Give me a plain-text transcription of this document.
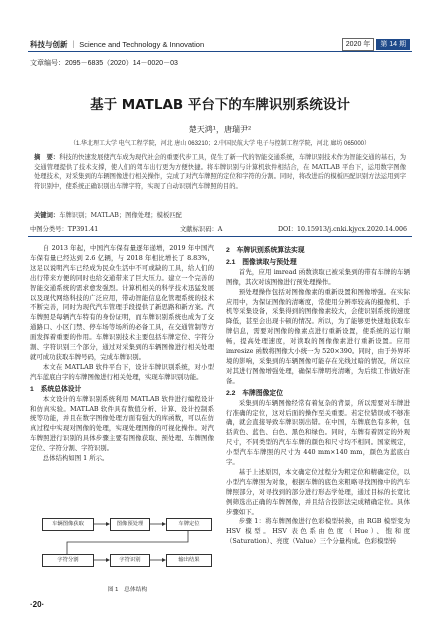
科技与创新 ｜ Science and Technology & Innovation	2020 年	第 14 期
文章编号：2095－6835（2020）14－0020－03
基于 MATLAB 平台下的车牌识别系统设计
楚天鸿¹，唐瑞尹²
（1.华北理工大学 电气工程学院，河北 唐山 063210；2.中国民航大学 电子与控制工程学院，河北 廊坊 065000）
摘　要：科技的快速发展使汽车成为现代社会的重要代步工具，促生了新一代的智能交通系统，车牌识别技术作为智能交通的基石，为交通管理提供了技术支撑，使人们的驾车出行更为方便快捷。将车牌识别与计算机软件相结合，在 MATLAB 平台下，运用数字图像处理技术，对采集到的车辆图像进行相关操作，完成了对汽车牌照的定位和字符的分割。同时，将改进后的模板匹配识别方法运用到字符识别中，使系统正确识别出车牌字符，实现了自动识别汽车牌照的目的。
关键词：车牌识别；MATLAB；图像处理；模板匹配
中图分类号：TP391.41	文献标识码：A	DOI：10.15913/j.cnki.kjycx.2020.14.006

自 2013 年起，中国汽车保有量逐年递增，2019 年中国汽车保有量已经达到 2.6 亿辆，与 2018 年相比增长了 8.83%，这足以说明汽车已经成为民众生活中不可或缺的工具，给人们的出行带来方便的同时也给交通带来了巨大压力。建立一个完善的智能交通系统的需求愈发强烈。计算机相关的科学技术迅猛发展以及现代网络科技的广泛应用，带动智能信息化管理系统的技术不断完善，同时为现代汽车管理手段提供了新思路和新方案。汽车牌照是每辆汽车特有的身份证明，而车牌识别系统也成为了交通路口、小区门禁、停车场等场所的必备工具，在交通管制等方面发挥着重要的作用。车牌识别技术主要包括车牌定位、字符分割、字符识别三个部分，通过对采集到的车辆图像进行相关处理就可成功获取车牌号码，完成车牌识别。

本文在 MATLAB 软件平台下，设计车牌识别系统，对小型汽车蓝底白字的车牌图像进行相关处理，实现车牌识别功能。

1　系统总体设计

本文设计的车牌识别系统利用 MATLAB 软件进行编程设计和仿真实验。MATLAB 软件具有数值分析、计算、设计控制系统等功能，并且在数字图像处理方面有强大的库函数，可以在仿真过程中实现对图像的处理，实现处理图像的可视化操作。对汽车牌照进行识别的具体步骤主要有图像获取、预处理、车牌图像定位、字符分割、字符识别。

总体结构如图 1 所示。

2　车牌识别系统算法实现

2.1　图像读取与预处理

首先，应用 imread 函数读取已被采集到的带有车牌的车辆图像，其次对该图像进行预处理操作。

预处理操作包括对图像像素的重新设置和图像增强。在实际应用中，为保证图像的清晰度，常使用分辨率较高的摄像机、手机等采集设备，采集得到的图像像素较大，会使识别系统的速度降低，甚至会出现卡顿的情况。所以，为了能够更快速地获取车牌信息，需要对图像的像素点进行重新设置，使系统的运行顺畅，提高处理速度，对读取的图像像素进行重新设置。应用 imresize 函数将图像大小统一为 520×390。同时，由于外界环境的影响，采集到的车辆图像可能存在光线过暗的情况，所以应对其进行图像增强处理，确保车牌明亮清晰，为后续工作做好准备。

2.2　车牌图像定位

采集到的车辆图像经常有着复杂的背景，所以需要对车牌进行准确的定位，这对后面的操作至关重要。若定位错误或不够准确，就会直接导致车牌识别出错。在中国，车牌底色有多种，包括黄色、蓝色、白色、黑色和绿色。同时，车牌有着固定的外观尺寸，不同类型的汽车车牌的颜色和尺寸均不相同。国家规定，小型汽车车牌照的尺寸为 440 mm×140 mm，颜色为蓝底白字。

基于上述原因，本文确定位过程分为粗定位和精确定位，以小型汽车牌照为对象，根据车牌的底色来粗略寻找图像中的汽车牌照部分，对寻找到的部分进行形态学处理，通过目标的长宽比例筛选出正确的车牌图像，并且结合投影法完成精确定位。具体步骤如下。

步骤 1：将车牌图像进行色彩模型转换，由 RGB 模型变为 HSV 模型。HSV 表色系由色度（Hue）、饱和度（Saturation）、亮度（Value）三个分量构成。色彩模型转

车辆图像获取	图像预处理	车牌定位
字符分割	字符识别	输出结果
图 1　总体结构
·20·
